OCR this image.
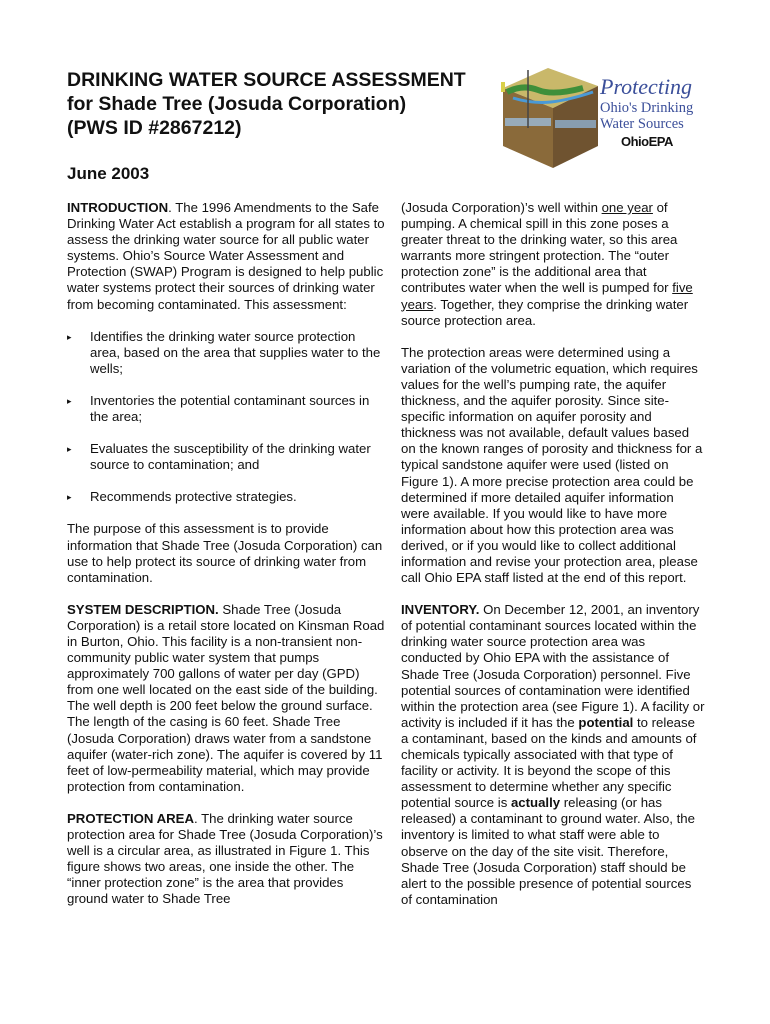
DRINKING WATER SOURCE ASSESSMENT
for Shade Tree (Josuda Corporation)
(PWS ID #2867212)
June 2003
Protecting
Ohio's Drinking
Water Sources
OhioEPA

INTRODUCTION. The 1996 Amendments to the Safe Drinking Water Act establish a program for all states to assess the drinking water source for all public water systems. Ohio’s Source Water Assessment and Protection (SWAP) Program is designed to help public water systems protect their sources of drinking water from becoming contaminated. This assessment:

▸ Identifies the drinking water source protection area, based on the area that supplies water to the wells;
▸ Inventories the potential contaminant sources in the area;
▸ Evaluates the susceptibility of the drinking water source to contamination; and
▸ Recommends protective strategies.

The purpose of this assessment is to provide information that Shade Tree (Josuda Corporation) can use to help protect its source of drinking water from contamination.

SYSTEM DESCRIPTION. Shade Tree (Josuda Corporation) is a retail store located on Kinsman Road in Burton, Ohio. This facility is a non-transient non-community public water system that pumps approximately 700 gallons of water per day (GPD) from one well located on the east side of the building. The well depth is 200 feet below the ground surface. The length of the casing is 60 feet. Shade Tree (Josuda Corporation) draws water from a sandstone aquifer (water-rich zone). The aquifer is covered by 11 feet of low-permeability material, which may provide protection from contamination.

PROTECTION AREA. The drinking water source protection area for Shade Tree (Josuda Corporation)’s well is a circular area, as illustrated in Figure 1. This figure shows two areas, one inside the other. The “inner protection zone” is the area that provides ground water to Shade Tree

(Josuda Corporation)’s well within one year of pumping. A chemical spill in this zone poses a greater threat to the drinking water, so this area warrants more stringent protection. The “outer protection zone” is the additional area that contributes water when the well is pumped for five years. Together, they comprise the drinking water source protection area.

The protection areas were determined using a variation of the volumetric equation, which requires values for the well’s pumping rate, the aquifer thickness, and the aquifer porosity. Since site-specific information on aquifer porosity and thickness was not available, default values based on the known ranges of porosity and thickness for a typical sandstone aquifer were used (listed on Figure 1). A more precise protection area could be determined if more detailed aquifer information were available. If you would like to have more information about how this protection area was derived, or if you would like to collect additional information and revise your protection area, please call Ohio EPA staff listed at the end of this report.

INVENTORY. On December 12, 2001, an inventory of potential contaminant sources located within the drinking water source protection area was conducted by Ohio EPA with the assistance of Shade Tree (Josuda Corporation) personnel. Five potential sources of contamination were identified within the protection area (see Figure 1). A facility or activity is included if it has the potential to release a contaminant, based on the kinds and amounts of chemicals typically associated with that type of facility or activity. It is beyond the scope of this assessment to determine whether any specific potential source is actually releasing (or has released) a contaminant to ground water. Also, the inventory is limited to what staff were able to observe on the day of the site visit. Therefore, Shade Tree (Josuda Corporation) staff should be alert to the possible presence of potential sources of contamination
